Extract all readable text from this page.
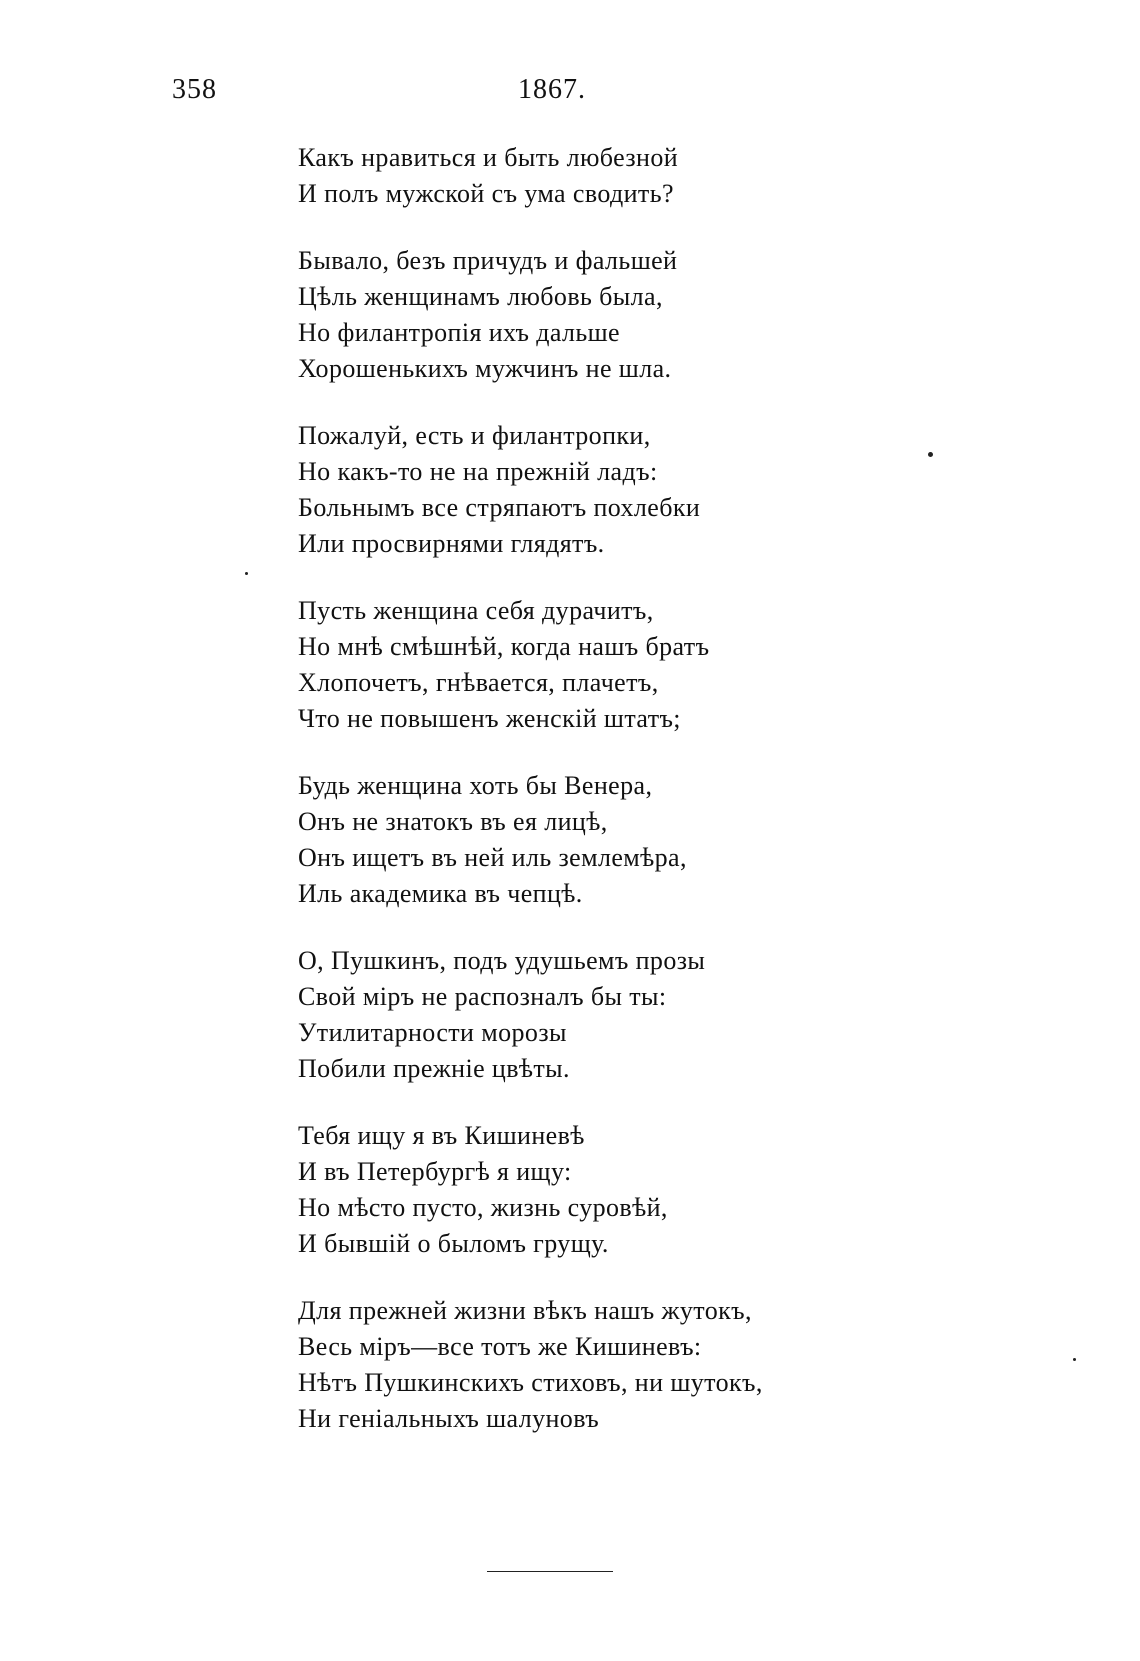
358	1867.
Какъ нравиться и быть любезной
И полъ мужской съ ума сводить?
Бывало, безъ причудъ и фальшей
Цѣль женщинамъ любовь была,
Но филантропія ихъ дальше
Хорошенькихъ мужчинъ не шла.
Пожалуй, есть и филантропки,
Но какъ-то не на прежній ладъ:
Больнымъ все стряпаютъ похлебки
Или просвирнями глядятъ.
Пусть женщина себя дурачитъ,
Но мнѣ смѣшнѣй, когда нашъ братъ
Хлопочетъ, гнѣвается, плачетъ,
Что не повышенъ женскій штатъ;
Будь женщина хоть бы Венера,
Онъ не знатокъ въ ея лицѣ,
Онъ ищетъ въ ней иль землемѣра,
Иль академика въ чепцѣ.
О, Пушкинъ, подъ удушьемъ прозы
Свой міръ не распозналъ бы ты:
Утилитарности морозы
Побили прежніе цвѣты.
Тебя ищу я въ Кишиневѣ
И въ Петербургѣ я ищу:
Но мѣсто пусто, жизнь суровѣй,
И бывшій о быломъ грущу.
Для прежней жизни вѣкъ нашъ жутокъ,
Весь міръ—все тотъ же Кишиневъ:
Нѣтъ Пушкинскихъ стиховъ, ни шутокъ,
Ни геніальныхъ шалуновъ
